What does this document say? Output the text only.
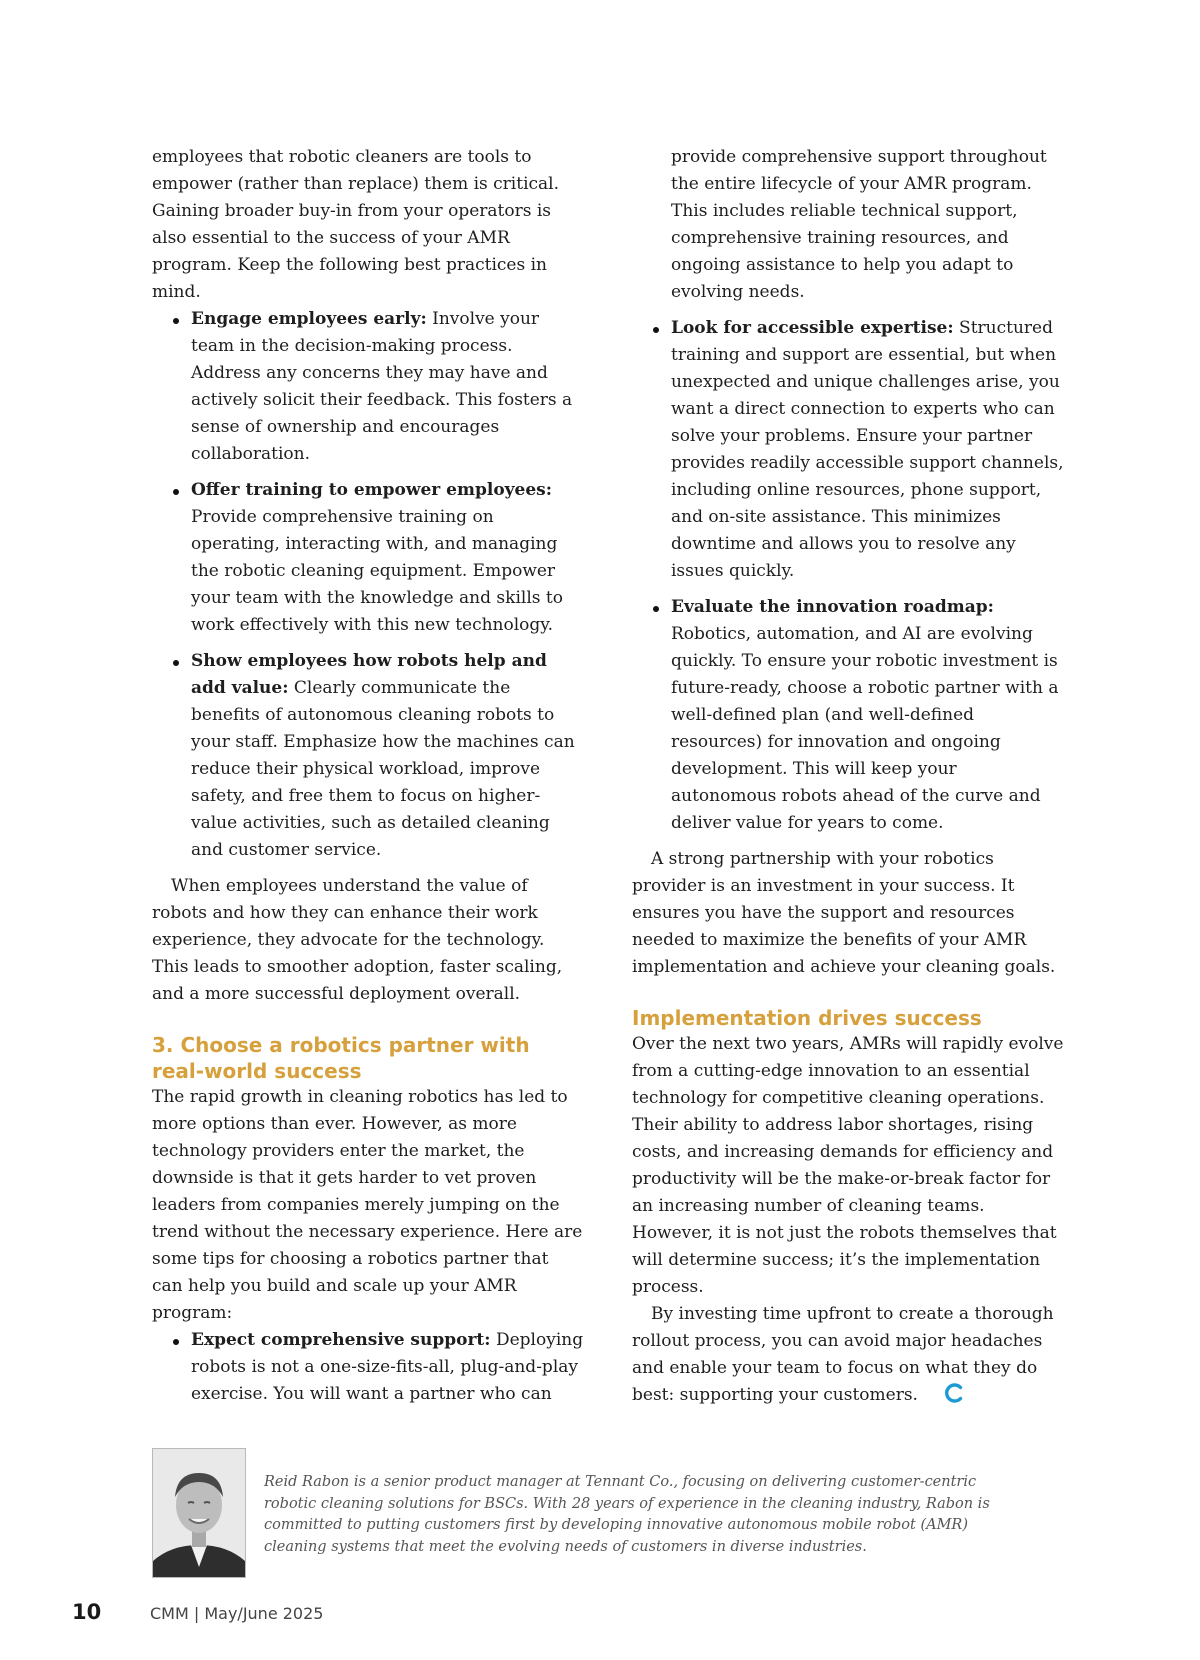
employees that robotic cleaners are tools to empower (rather than replace) them is critical. Gaining broader buy-in from your operators is also essential to the success of your AMR program. Keep the following best practices in mind.

Engage employees early: Involve your team in the decision-making process. Address any concerns they may have and actively solicit their feedback. This fosters a sense of ownership and encourages collaboration.
Offer training to empower employees: Provide comprehensive training on operating, interacting with, and managing the robotic cleaning equipment. Empower your team with the knowledge and skills to work effectively with this new technology.
Show employees how robots help and add value: Clearly communicate the benefits of autonomous cleaning robots to your staff. Emphasize how the machines can reduce their physical workload, improve safety, and free them to focus on higher-value activities, such as detailed cleaning and customer service.

When employees understand the value of robots and how they can enhance their work experience, they advocate for the technology. This leads to smoother adoption, faster scaling, and a more successful deployment overall.

3. Choose a robotics partner with real-world success

The rapid growth in cleaning robotics has led to more options than ever. However, as more technology providers enter the market, the downside is that it gets harder to vet proven leaders from companies merely jumping on the trend without the necessary experience. Here are some tips for choosing a robotics partner that can help you build and scale up your AMR program:

Expect comprehensive support: Deploying robots is not a one-size-fits-all, plug-and-play exercise. You will want a partner who can

provide comprehensive support throughout the entire lifecycle of your AMR program. This includes reliable technical support, comprehensive training resources, and ongoing assistance to help you adapt to evolving needs.

Look for accessible expertise: Structured training and support are essential, but when unexpected and unique challenges arise, you want a direct connection to experts who can solve your problems. Ensure your partner provides readily accessible support channels, including online resources, phone support, and on-site assistance. This minimizes downtime and allows you to resolve any issues quickly.
Evaluate the innovation roadmap: Robotics, automation, and AI are evolving quickly. To ensure your robotic investment is future-ready, choose a robotic partner with a well-defined plan (and well-defined resources) for innovation and ongoing development. This will keep your autonomous robots ahead of the curve and deliver value for years to come.

A strong partnership with your robotics provider is an investment in your success. It ensures you have the support and resources needed to maximize the benefits of your AMR implementation and achieve your cleaning goals.

Implementation drives success

Over the next two years, AMRs will rapidly evolve from a cutting-edge innovation to an essential technology for competitive cleaning operations. Their ability to address labor shortages, rising costs, and increasing demands for efficiency and productivity will be the make-or-break factor for an increasing number of cleaning teams. However, it is not just the robots themselves that will determine success; it’s the implementation process.

By investing time upfront to create a thorough rollout process, you can avoid major headaches and enable your team to focus on what they do best: supporting your customers.

Reid Rabon is a senior product manager at Tennant Co., focusing on delivering customer-centric robotic cleaning solutions for BSCs. With 28 years of experience in the cleaning industry, Rabon is committed to putting customers first by developing innovative autonomous mobile robot (AMR) cleaning systems that meet the evolving needs of customers in diverse industries.

10	CMM | May/June 2025
